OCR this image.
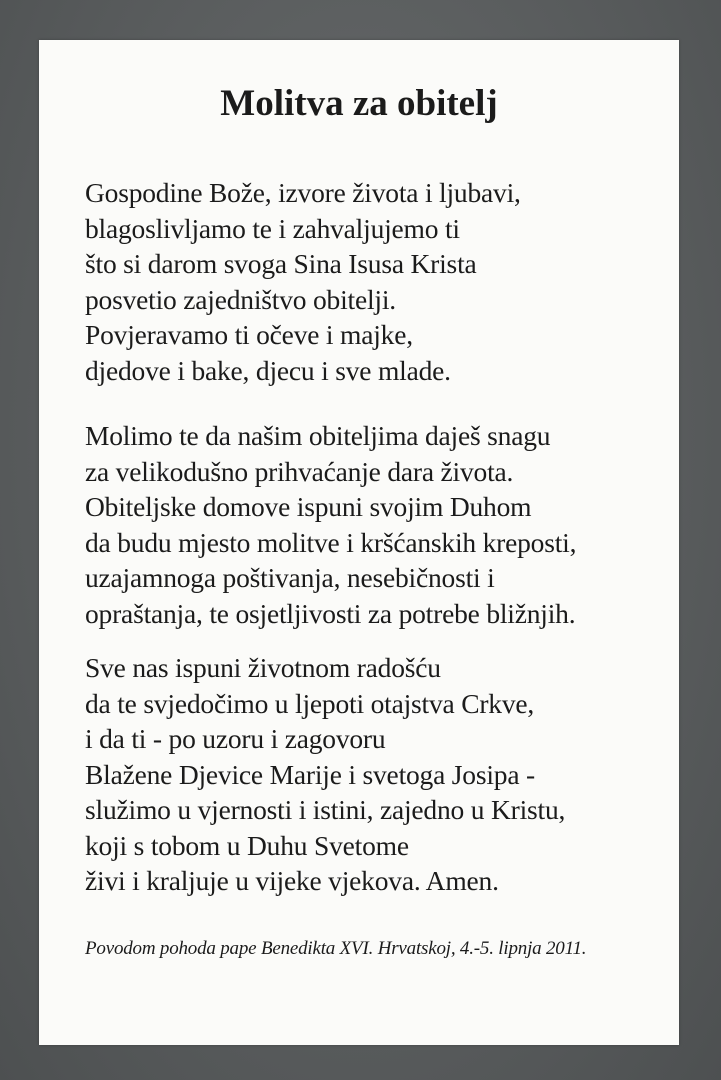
Molitva za obitelj
Gospodine Bože, izvore života i ljubavi,
blagoslivljamo te i zahvaljujemo ti
što si darom svoga Sina Isusa Krista
posvetio zajedništvo obitelji.
Povjeravamo ti očeve i majke,
djedove i bake, djecu i sve mlade.
Molimo te da našim obiteljima daješ snagu
za velikodušno prihvaćanje dara života.
Obiteljske domove ispuni svojim Duhom
da budu mjesto molitve i kršćanskih kreposti,
uzajamnoga poštivanja, nesebičnosti i
opraštanja, te osjetljivosti za potrebe bližnjih.
Sve nas ispuni životnom radošću
da te svjedočimo u ljepoti otajstva Crkve,
i da ti - po uzoru i zagovoru
Blažene Djevice Marije i svetoga Josipa -
služimo u vjernosti i istini, zajedno u Kristu,
koji s tobom u Duhu Svetome
živi i kraljuje u vijeke vjekova. Amen.

Povodom pohoda pape Benedikta XVI. Hrvatskoj, 4.-5. lipnja 2011.
